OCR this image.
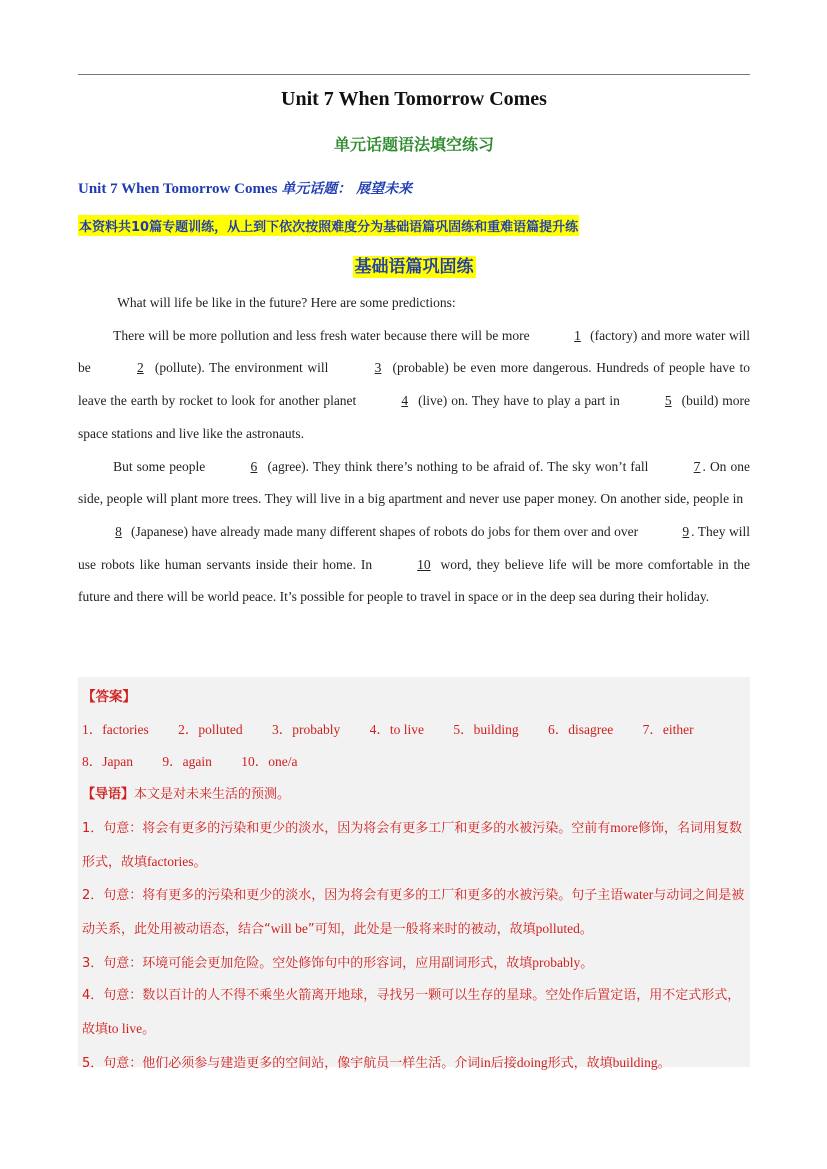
Unit 7 When Tomorrow Comes
单元话题语法填空练习
Unit 7 When Tomorrow Comes 单元话题： 展望未来
本资料共10篇专题训练，从上到下依次按照难度分为基础语篇巩固练和重难语篇提升练
基础语篇巩固练

What will life be like in the future? Here are some predictions:

There will be more pollution and less fresh water because there will be more	1 (factory) and more water will be	2 (pollute). The environment will	3 (probable) be even more dangerous. Hundreds of people have to leave the earth by rocket to look for another planet	4 (live) on. They have to play a part in	5 (build) more space stations and live like the astronauts.

But some people	6 (agree). They think there’s nothing to be afraid of. The sky won’t fall	7 . On one side, people will plant more trees. They will live in a big apartment and never use paper money. On another side, people in  8 (Japanese) have already made many different shapes of robots do jobs for them over and over	9 . They will use robots like human servants inside their home. In	10 word, they believe life will be more comfortable in the future and there will be world peace. It’s possible for people to travel in space or in the deep sea during their holiday.

【答案】
1．factories 2．polluted 3．probably 4．to live 5．building 6．disagree 7．either
8．Japan 9．again 10．one/a
【导语】本文是对未来生活的预测。
1．句意：将会有更多的污染和更少的淡水，因为将会有更多工厂和更多的水被污染。空前有more修饰，名词用复数形式，故填factories。
2．句意：将有更多的污染和更少的淡水，因为将会有更多的工厂和更多的水被污染。句子主语water与动词之间是被动关系，此处用被动语态，结合“will be”可知，此处是一般将来时的被动，故填polluted。
3．句意：环境可能会更加危险。空处修饰句中的形容词，应用副词形式，故填probably。
4．句意：数以百计的人不得不乘坐火箭离开地球，寻找另一颗可以生存的星球。空处作后置定语，用不定式形式，故填to live。
5．句意：他们必须参与建造更多的空间站，像宇航员一样生活。介词in后接doing形式，故填building。
